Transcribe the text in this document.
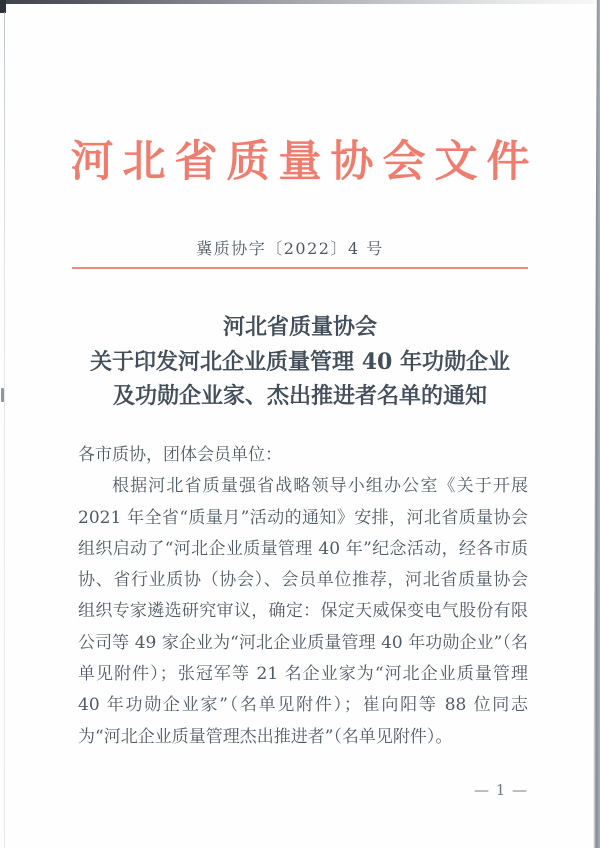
河北省质量协会文件
冀质协字〔2022〕4 号
河北省质量协会
关于印发河北企业质量管理 40 年功勋企业
及功勋企业家、杰出推进者名单的通知

各市质协，团体会员单位：

根据河北省质量强省战略领导小组办公室《关于开展 2021 年全省“质量月”活动的通知》安排，河北省质量协会组织启动了“河北企业质量管理 40 年”纪念活动，经各市质协、省行业质协（协会）、会员单位推荐，河北省质量协会组织专家遴选研究审议，确定：保定天威保变电气股份有限公司等 49 家企业为“河北企业质量管理 40 年功勋企业”（名单见附件）；张冠军等 21 名企业家为“河北企业质量管理 40 年功勋企业家”（名单见附件）；崔向阳等 88 位同志为“河北企业质量管理杰出推进者”（名单见附件）。

— 1 —
